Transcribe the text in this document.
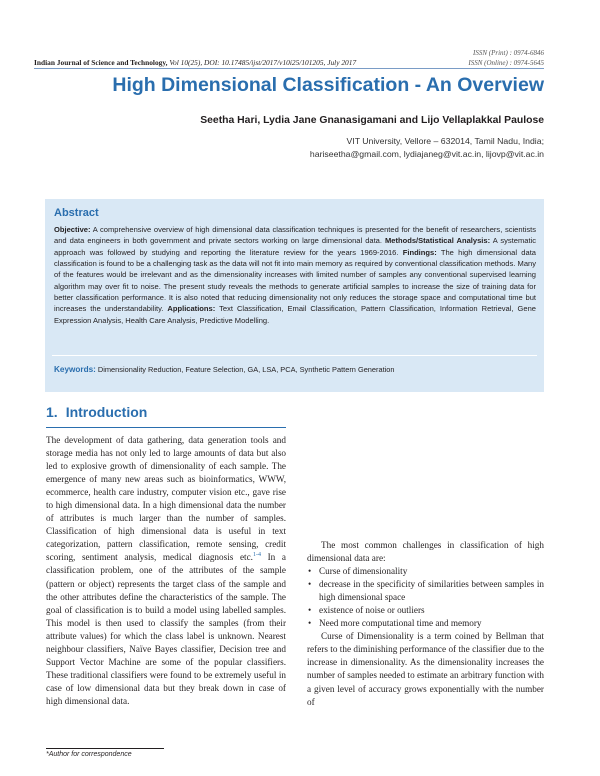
Indian Journal of Science and Technology, Vol 10(25), DOI: 10.17485/ijst/2017/v10i25/101205, July 2017
ISSN (Print) : 0974-6846
ISSN (Online) : 0974-5645
High Dimensional Classification - An Overview
Seetha Hari, Lydia Jane Gnanasigamani and Lijo Vellaplakkal Paulose
VIT University, Vellore – 632014, Tamil Nadu, India;
hariseetha@gmail.com, lydiajaneg@vit.ac.in, lijovp@vit.ac.in
Abstract
Objective: A comprehensive overview of high dimensional data classification techniques is presented for the benefit of researchers, scientists and data engineers in both government and private sectors working on large dimensional data. Methods/Statistical Analysis: A systematic approach was followed by studying and reporting the literature review for the years 1969-2016. Findings: The high dimensional data classification is found to be a challenging task as the data will not fit into main memory as required by conventional classification methods. Many of the features would be irrelevant and as the dimensionality increases with limited number of samples any conventional supervised learning algorithm may over fit to noise. The present study reveals the methods to generate artificial samples to increase the size of training data for better classification performance. It is also noted that reducing dimensionality not only reduces the storage space and computational time but increases the understandability. Applications: Text Classification, Email Classification, Pattern Classification, Information Retrieval, Gene Expression Analysis, Health Care Analysis, Predictive Modelling.
Keywords: Dimensionality Reduction, Feature Selection, GA, LSA, PCA, Synthetic Pattern Generation
1. Introduction

The development of data gathering, data generation tools and storage media has not only led to large amounts of data but also led to explosive growth of dimensionality of each sample. The emergence of many new areas such as bioinformatics, WWW, ecommerce, health care industry, computer vision etc., gave rise to high dimensional data. In a high dimensional data the number of attributes is much larger than the number of samples. Classification of high dimensional data is useful in text categorization, pattern classification, remote sensing, credit scoring, sentiment analysis, medical diagnosis etc.$^{1-4}$ In a classification problem, one of the attributes of the sample (pattern or object) represents the target class of the sample and the other attributes define the characteristics of the sample. The goal of classification is to build a model using labelled samples. This model is then used to classify the samples (from their attribute values) for which the class label is unknown. Nearest neighbour classifiers, Naïve Bayes classifier, Decision tree and Support Vector Machine are some of the popular classifiers. These traditional classifiers were found to be extremely useful in case of low dimensional data but they break down in case of high dimensional data.

The most common challenges in classification of high dimensional data are:

• Curse of dimensionality
• decrease in the specificity of similarities between samples in high dimensional space
• existence of noise or outliers
• Need more computational time and memory

Curse of Dimensionality is a term coined by Bellman that refers to the diminishing performance of the classifier due to the increase in dimensionality. As the dimensionality increases the number of samples needed to estimate an arbitrary function with a given level of accuracy grows exponentially with the number of

*Author for correspondence
